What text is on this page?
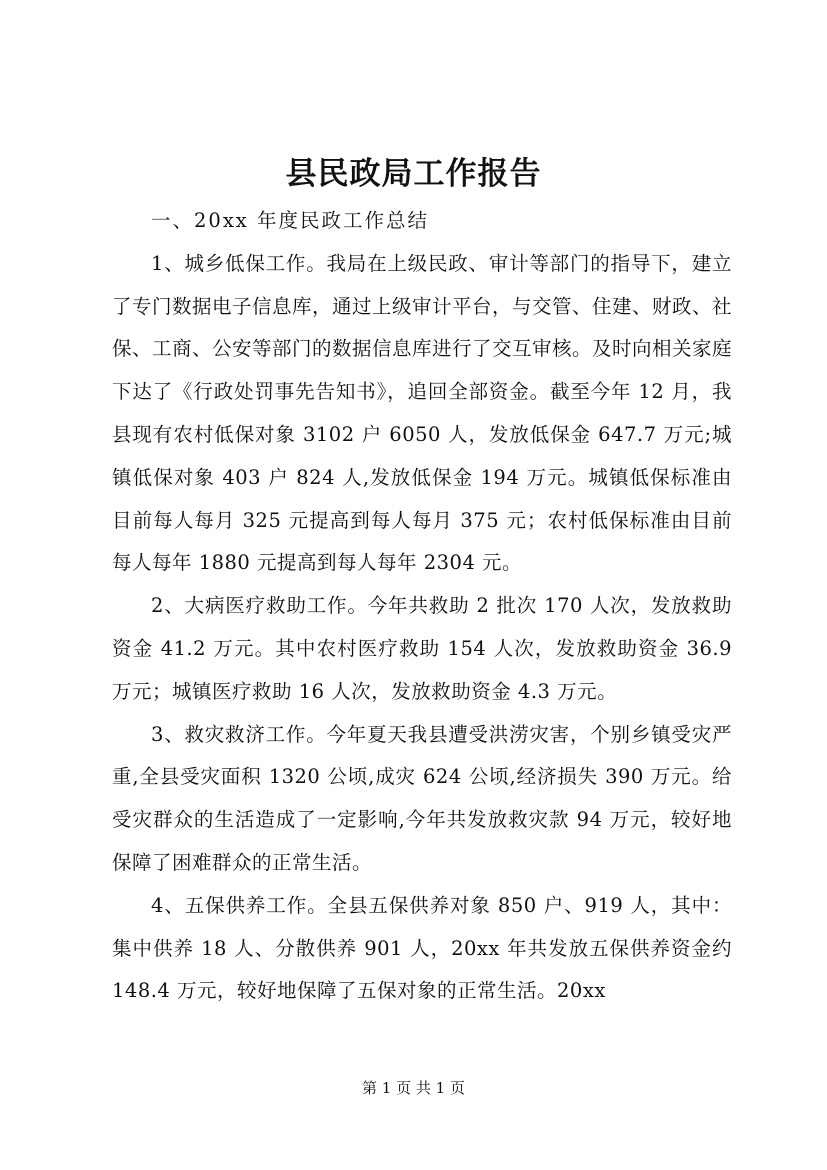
县民政局工作报告

一、20xx 年度民政工作总结

1、城乡低保工作。我局在上级民政、审计等部门的指导下，建立了专门数据电子信息库，通过上级审计平台，与交管、住建、财政、社保、工商、公安等部门的数据信息库进行了交互审核。及时向相关家庭下达了《行政处罚事先告知书》，追回全部资金。截至今年 12 月，我县现有农村低保对象 3102 户 6050 人，发放低保金 647.7 万元;城镇低保对象 403 户 824 人,发放低保金 194 万元。城镇低保标准由目前每人每月 325 元提高到每人每月 375 元；农村低保标准由目前每人每年 1880 元提高到每人每年 2304 元。

2、大病医疗救助工作。今年共救助 2 批次 170 人次，发放救助资金 41.2 万元。其中农村医疗救助 154 人次，发放救助资金 36.9 万元；城镇医疗救助 16 人次，发放救助资金 4.3 万元。

3、救灾救济工作。今年夏天我县遭受洪涝灾害，个别乡镇受灾严重,全县受灾面积 1320 公顷,成灾 624 公顷,经济损失 390 万元。给受灾群众的生活造成了一定影响,今年共发放救灾款 94 万元，较好地保障了困难群众的正常生活。

4、五保供养工作。全县五保供养对象 850 户、919 人，其中：集中供养 18 人、分散供养 901 人，20xx 年共发放五保供养资金约 148.4 万元，较好地保障了五保对象的正常生活。20xx

第 1 页 共 1 页
